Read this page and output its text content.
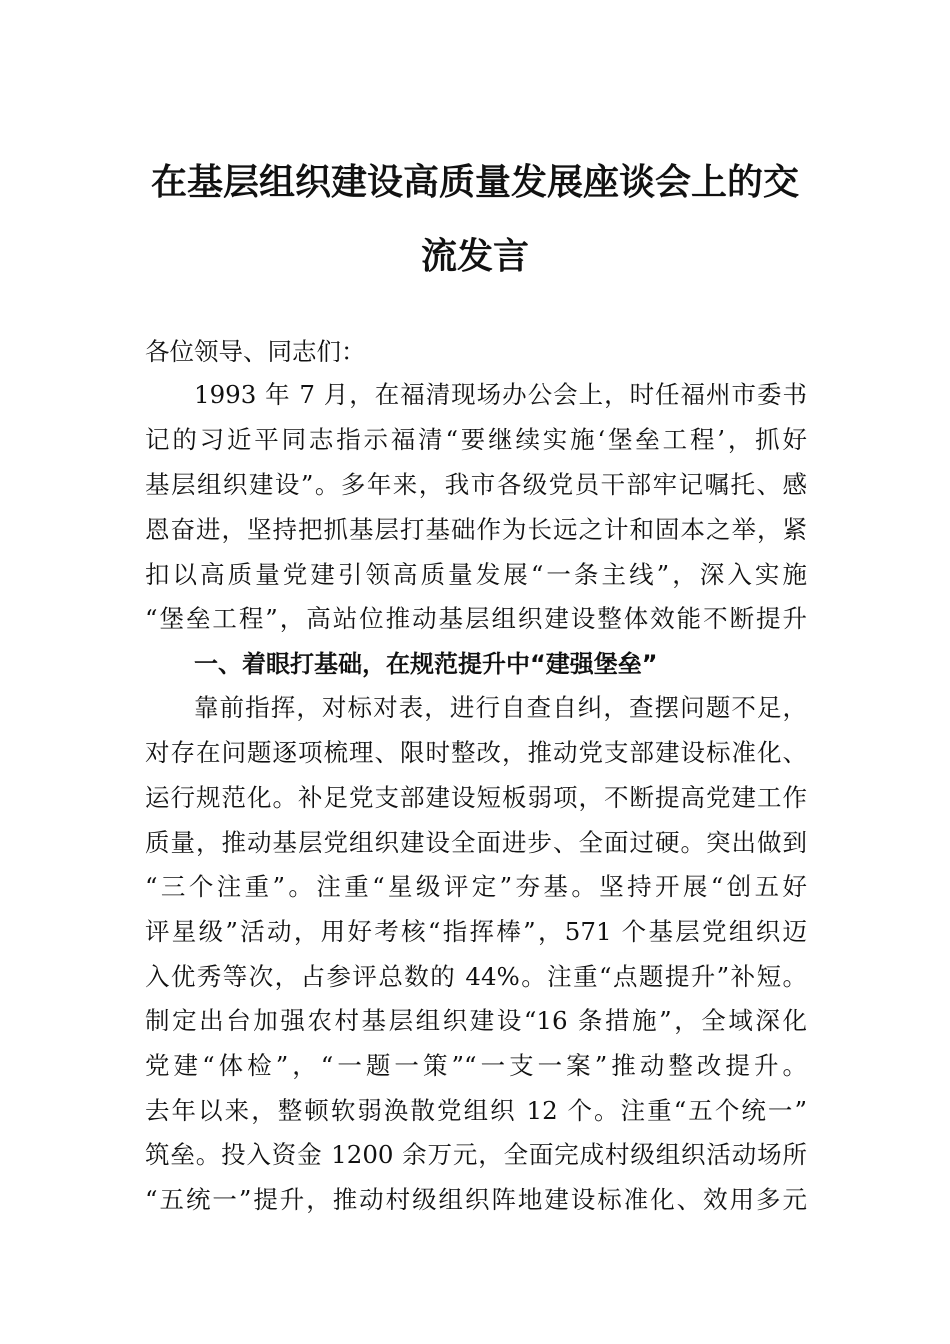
在基层组织建设高质量发展座谈会上的交
流发言

各位领导、同志们：

1993 年 7 月，在福清现场办公会上，时任福州市委书

记的习近平同志指示福清“要继续实施‘堡垒工程’，抓好

基层组织建设”。多年来，我市各级党员干部牢记嘱托、感

恩奋进，坚持把抓基层打基础作为长远之计和固本之举，紧

扣以高质量党建引领高质量发展“一条主线”，深入实施

“堡垒工程”，高站位推动基层组织建设整体效能不断提升

一、着眼打基础，在规范提升中“建强堡垒”

靠前指挥，对标对表，进行自查自纠，查摆问题不足，

对存在问题逐项梳理、限时整改，推动党支部建设标准化、

运行规范化。补足党支部建设短板弱项，不断提高党建工作

质量，推动基层党组织建设全面进步、全面过硬。突出做到

“三个注重”。注重“星级评定”夯基。坚持开展“创五好

评星级”活动，用好考核“指挥棒”，571 个基层党组织迈

入优秀等次，占参评总数的 44%。注重“点题提升”补短。

制定出台加强农村基层组织建设“16 条措施”，全域深化

党建“体检”，“一题一策”“一支一案”推动整改提升。

去年以来，整顿软弱涣散党组织 12 个。注重“五个统一”

筑垒。投入资金 1200 余万元，全面完成村级组织活动场所

“五统一”提升，推动村级组织阵地建设标准化、效用多元
